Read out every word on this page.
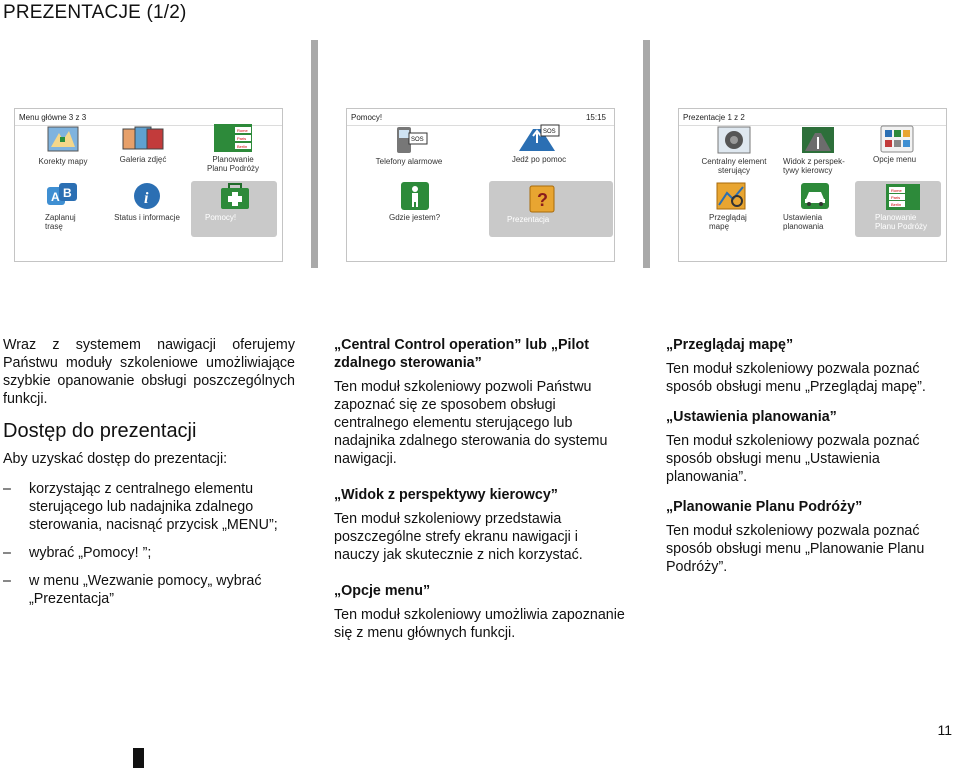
PREZENTACJE (1/2)
Menu główne 3 z 3
Korekty mapy	Galeria zdjęć
Rome
Paris
Berlin
Planowanie Planu Podróży
A B
Zaplanuj trasę
i
Status i informacje	Pomocy!
Pomocy!	15:15
SOS
Telefony alarmowe
SOS
Jedź po pomoc
Gdzie jestem?
?
Prezentacja
Prezentacje 1 z 2
Centralny element sterujący
Widok z perspek-tywy kierowcy
Opcje menu
Przeglądaj mapę
Ustawienia planowania
Rome
Paris
Berlin
Planowanie Planu Podróży

Wraz z systemem nawigacji oferujemy Państwu moduły szkoleniowe umożliwiające szybkie opanowanie obsługi poszczególnych funkcji.

Dostęp do prezentacji

Aby uzyskać dostęp do prezentacji:

– korzystając z centralnego elementu sterującego lub nadajnika zdalnego sterowania, nacisnąć przycisk „MENU”;
– wybrać „Pomocy! ”;
– w menu „Wezwanie pomocy„ wybrać „Prezentacja”
„Central Control operation” lub „Pilot zdalnego sterowania”

Ten moduł szkoleniowy pozwoli Państwu zapoznać się ze sposobem obsługi centralnego elementu sterującego lub nadajnika zdalnego sterowania do systemu nawigacji.

„Widok z perspektywy kierowcy”

Ten moduł szkoleniowy przedstawia poszczególne strefy ekranu nawigacji i nauczy jak skutecznie z nich korzystać.

„Opcje menu”

Ten moduł szkoleniowy umożliwia zapoznanie się z menu głównych funkcji.

„Przeglądaj mapę”

Ten moduł szkoleniowy pozwala poznać sposób obsługi menu „Przeglądaj mapę”.

„Ustawienia planowania”

Ten moduł szkoleniowy pozwala poznać sposób obsługi menu „Ustawienia planowania”.

„Planowanie Planu Podróży”

Ten moduł szkoleniowy pozwala poznać sposób obsługi menu „Planowanie Planu Podróży”.

11
